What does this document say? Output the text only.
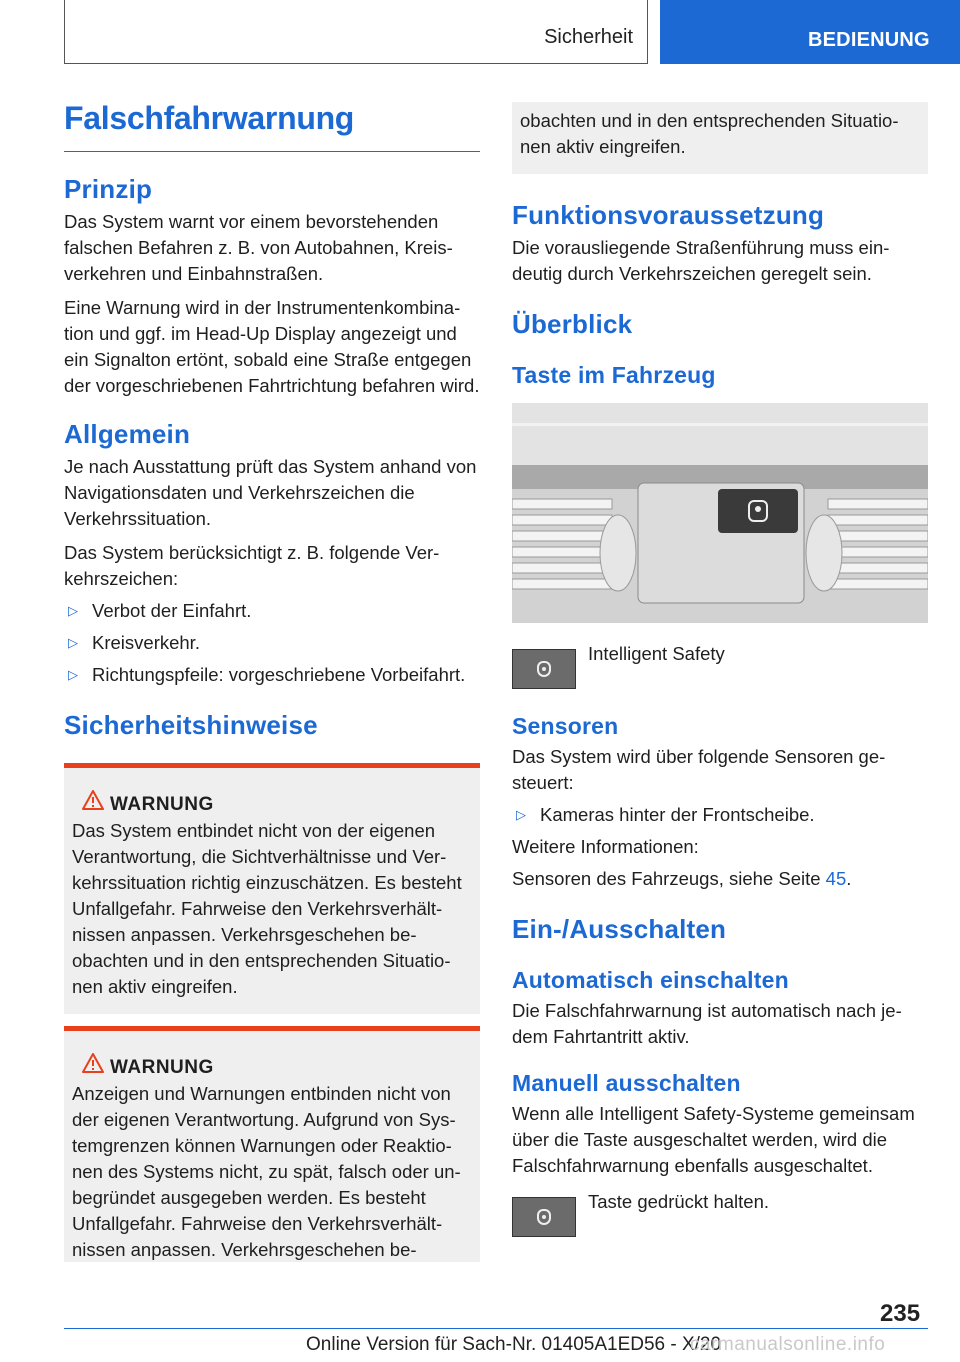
Sicherheit	BEDIENUNG
Falschfahrwarnung
Prinzip

Das System warnt vor einem bevorstehenden falschen Befahren z. B. von Autobahnen, Kreisverkehren und Einbahnstraßen.

Eine Warnung wird in der Instrumentenkombination und ggf. im Head-Up Display angezeigt und ein Signalton ertönt, sobald eine Straße entgegen der vorgeschriebenen Fahrtrichtung befahren wird.

Allgemein

Je nach Ausstattung prüft das System anhand von Navigationsdaten und Verkehrszeichen die Verkehrssituation.

Das System berücksichtigt z. B. folgende Verkehrszeichen:

▷ Verbot der Einfahrt.
▷ Kreisverkehr.
▷ Richtungspfeile: vorgeschriebene Vorbeifahrt.
Sicherheitshinweise
WARNUNG

Das System entbindet nicht von der eigenen Verantwortung, die Sichtverhältnisse und Verkehrssituation richtig einzuschätzen. Es besteht Unfallgefahr. Fahrweise den Verkehrsverhältnissen anpassen. Verkehrsgeschehen beobachten und in den entsprechenden Situationen aktiv eingreifen.

WARNUNG

Anzeigen und Warnungen entbinden nicht von der eigenen Verantwortung. Aufgrund von Systemgrenzen können Warnungen oder Reaktionen des Systems nicht, zu spät, falsch oder unbegründet ausgegeben werden. Es besteht Unfallgefahr. Fahrweise den Verkehrsverhältnissen anpassen. Verkehrsgeschehen be-

obachten und in den entsprechenden Situationen aktiv eingreifen.

Funktionsvoraussetzung

Die vorausliegende Straßenführung muss eindeutig durch Verkehrszeichen geregelt sein.

Überblick
Taste im Fahrzeug
Intelligent Safety
Sensoren

Das System wird über folgende Sensoren gesteuert:

▷ Kameras hinter der Frontscheibe.

Weitere Informationen:

Sensoren des Fahrzeugs, siehe Seite 45.

Ein-/Ausschalten
Automatisch einschalten

Die Falschfahrwarnung ist automatisch nach jedem Fahrtantritt aktiv.

Manuell ausschalten

Wenn alle Intelligent Safety-Systeme gemeinsam über die Taste ausgeschaltet werden, wird die Falschfahrwarnung ebenfalls ausgeschaltet.

Taste gedrückt halten.
235
Online Version für Sach-Nr. 01405A1ED56 - X/20
carmanualsonline.info
